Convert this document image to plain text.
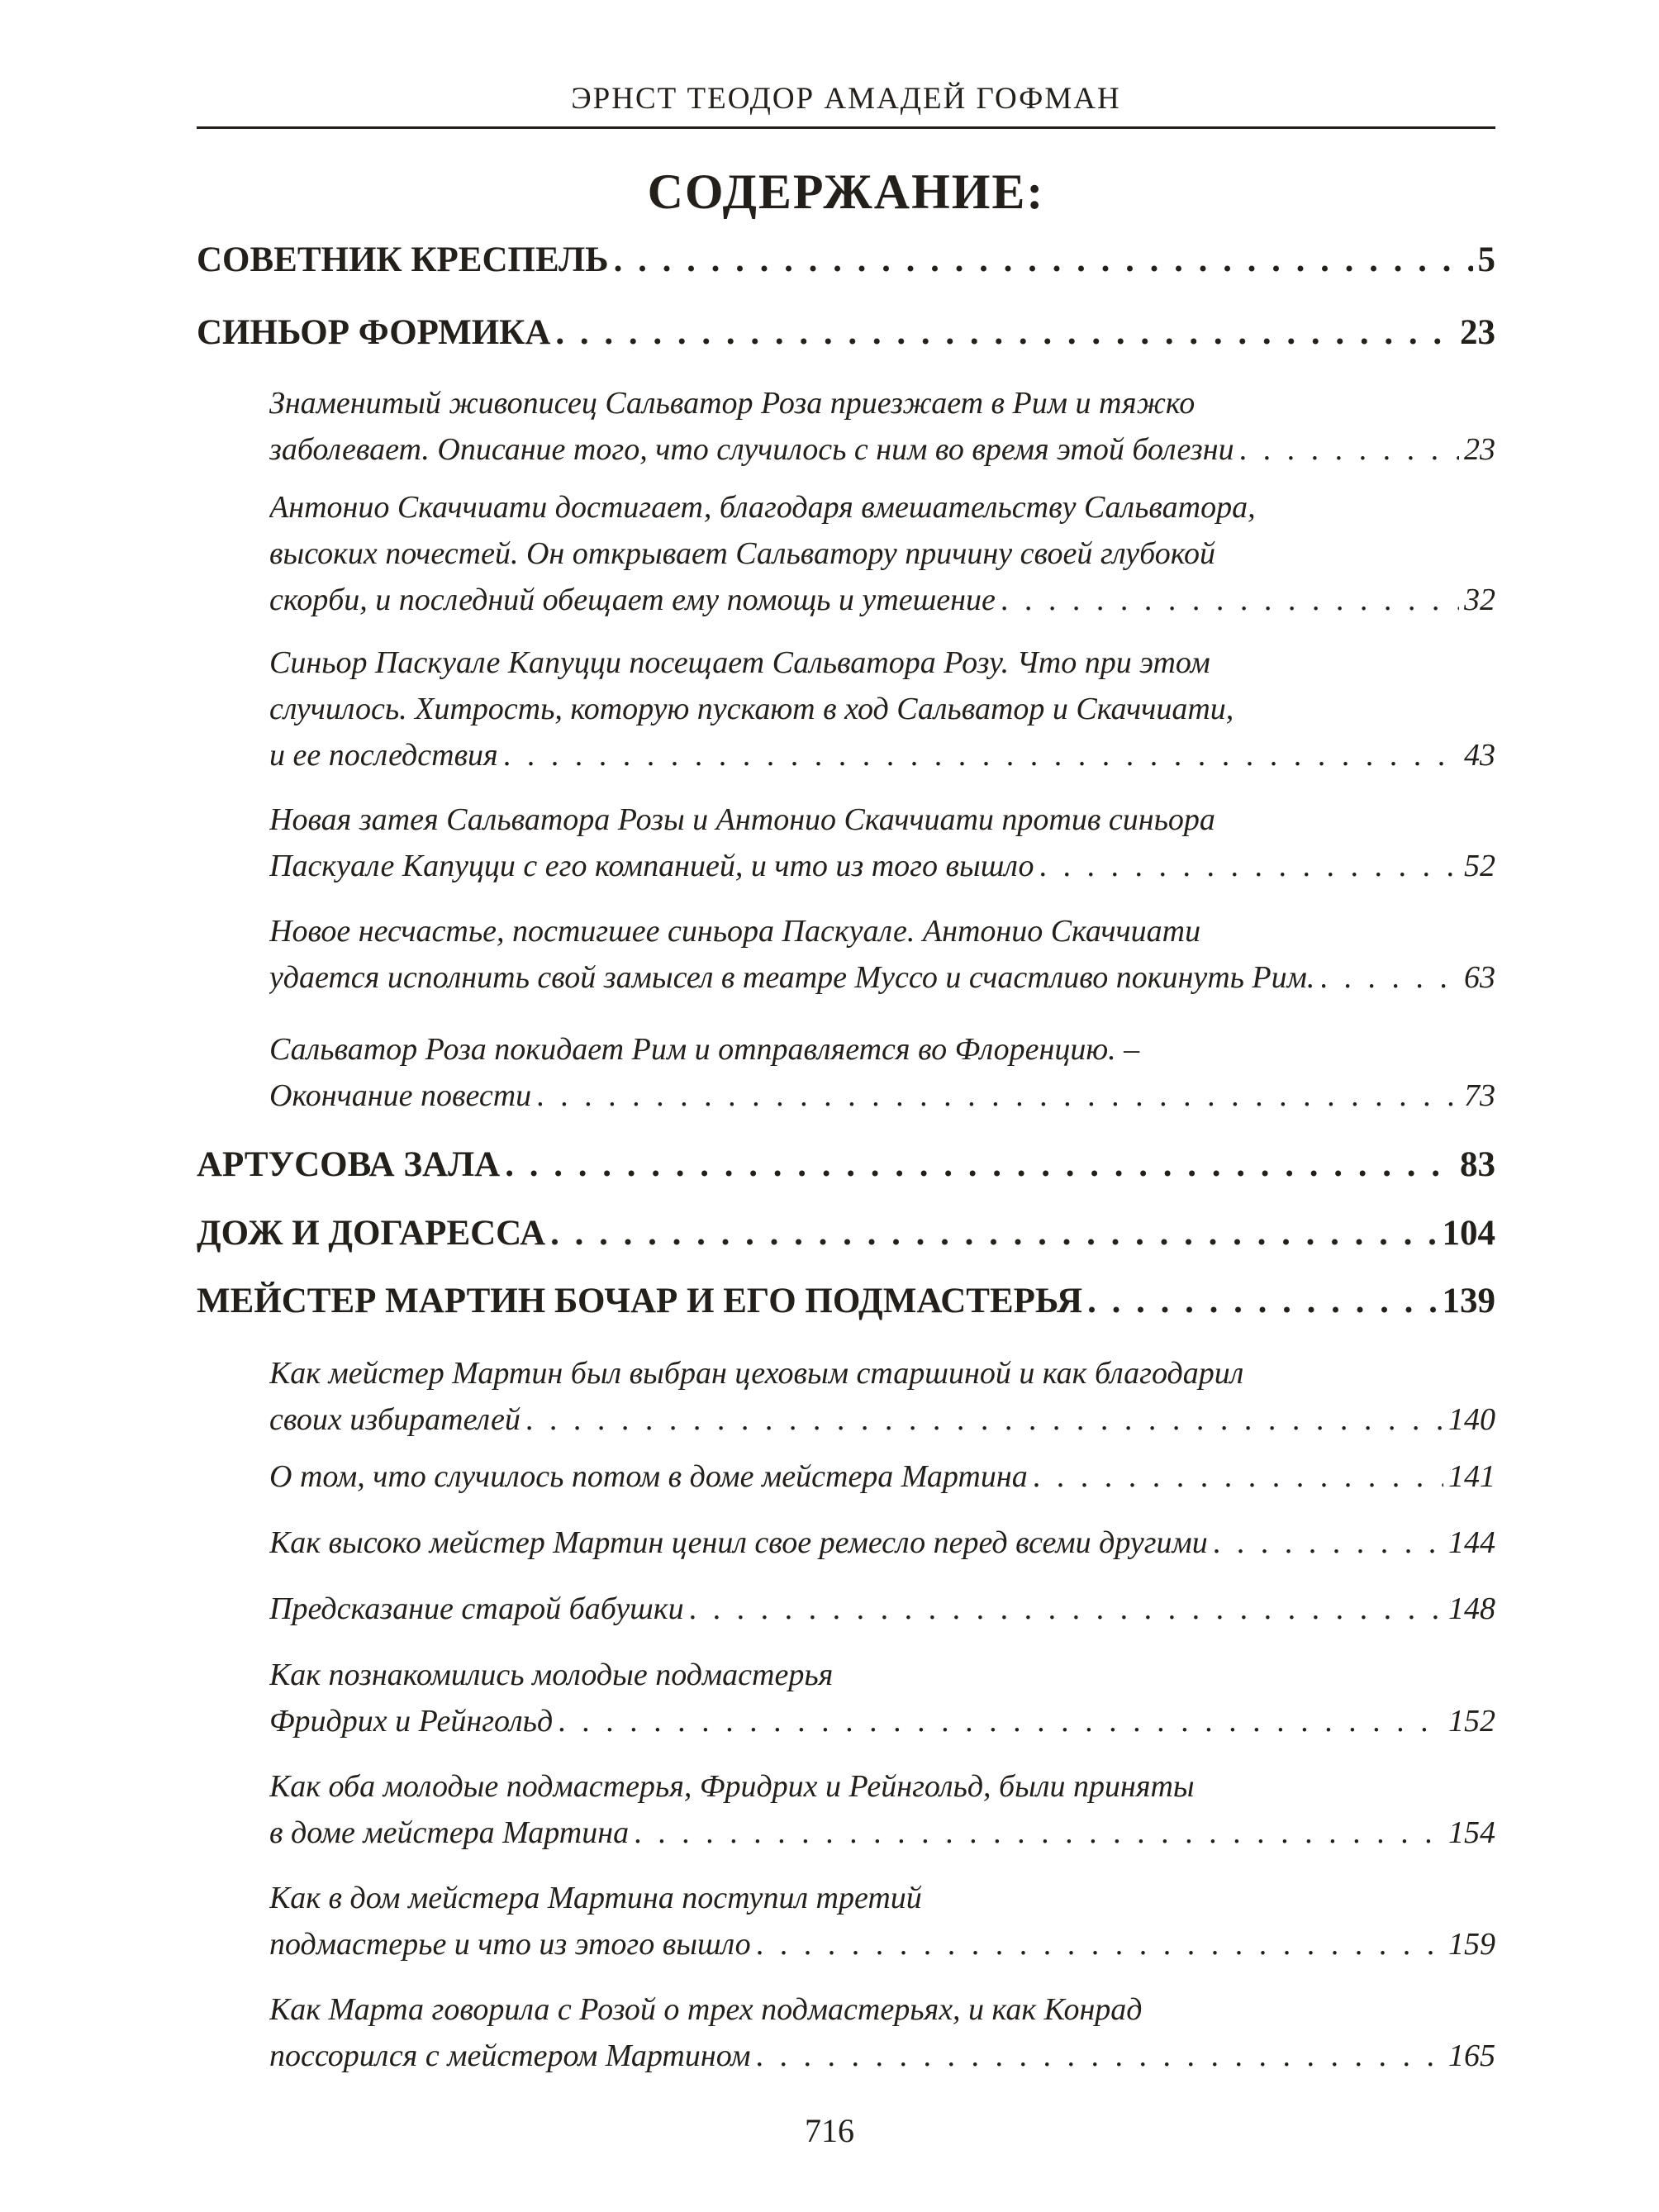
ЭРНСТ ТЕОДОР АМАДЕЙ ГОФМАН
СОДЕРЖАНИЕ:
СОВЕТНИК КРЕСПЕЛЬ . . .	5
СИНЬОР ФОРМИКА . . .	23
Знаменитый живописец Сальватор Роза приезжает в Рим и тяжко
заболевает. Описание того, что случилось с ним во время этой болезни . . .	23
Антонио Скаччиати достигает, благодаря вмешательству Сальватора,
высоких почестей. Он открывает Сальватору причину своей глубокой
скорби, и последний обещает ему помощь и утешение . . .	32
Синьор Паскуале Капуцци посещает Сальватора Розу. Что при этом
случилось. Хитрость, которую пускают в ход Сальватор и Скаччиати,
и ее последствия . . .	43
Новая затея Сальватора Розы и Антонио Скаччиати против синьора
Паскуале Капуцци с его компанией, и что из того вышло . . .	52
Новое несчастье, постигшее синьора Паскуале. Антонио Скаччиати
удается исполнить свой замысел в театре Муссо и счастливо покинуть Рим. . . .	63
Сальватор Роза покидает Рим и отправляется во Флоренцию. –
Окончание повести . . .	73
АРТУСОВА ЗАЛА . . .	83
ДОЖ И ДОГАРЕССА . . .	104
МЕЙСТЕР МАРТИН БОЧАР И ЕГО ПОДМАСТЕРЬЯ . . .	139
Как мейстер Мартин был выбран цеховым старшиной и как благодарил
своих избирателей . . .	140
О том, что случилось потом в доме мейстера Мартина . . .	141
Как высоко мейстер Мартин ценил свое ремесло перед всеми другими . . .	144
Предсказание старой бабушки . . .	148
Как познакомились молодые подмастерья
Фридрих и Рейнгольд . . .	152
Как оба молодые подмастерья, Фридрих и Рейнгольд, были приняты
в доме мейстера Мартина . . .	154
Как в дом мейстера Мартина поступил третий
подмастерье и что из этого вышло . . .	159
Как Марта говорила с Розой о трех подмастерьях, и как Конрад
поссорился с мейстером Мартином . . .	165
716
